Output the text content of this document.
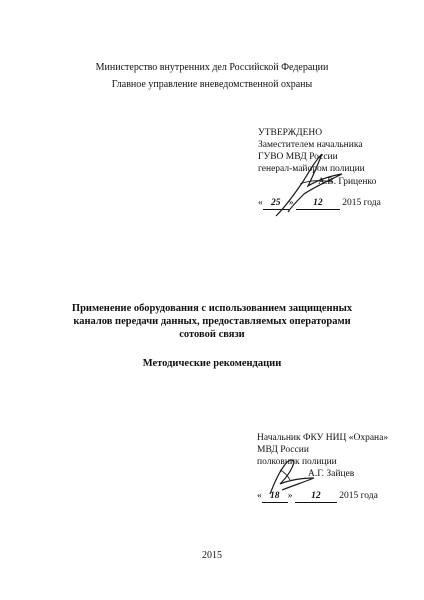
Министерство внутренних дел Российской Федерации
Главное управление вневедомственной охраны
УТВЕРЖДЕНО
Заместителем начальника
ГУВО МВД России
генерал-майором полиции
А.В. Гриценко
« 25 » 12 2015 года
Применение оборудования с использованием защищенных
каналов передачи данных, предоставляемых операторами
сотовой связи
Методические рекомендации
Начальник ФКУ НИЦ «Охрана»
МВД России
полковник полиции
А.Г. Зайцев
« 18 » 12 2015 года
2015
